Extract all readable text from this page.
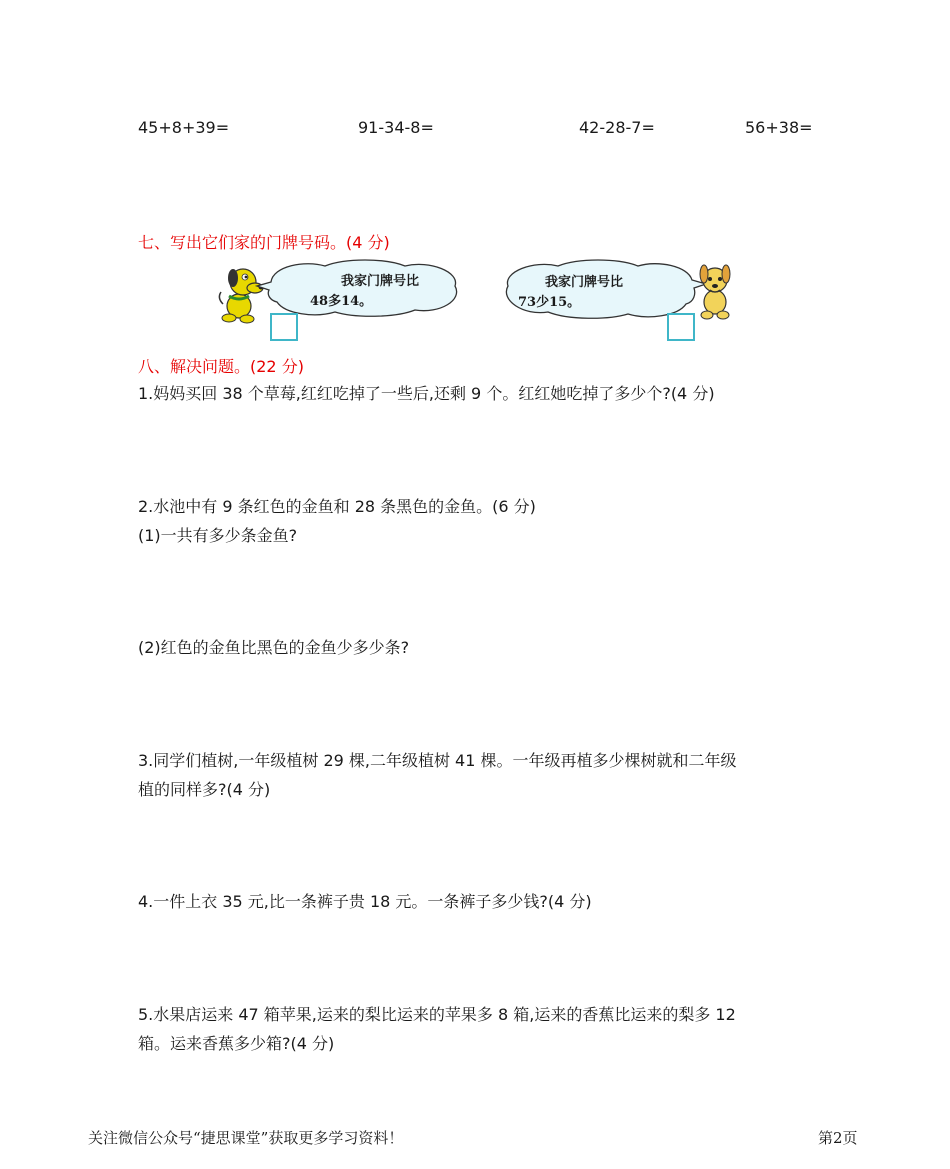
45+8+39=	91-34-8=	42-28-7=	56+38=
七、写出它们家的门牌号码。(4 分)
我家门牌号比
48多14。
我家门牌号比
73少15。
八、解决问题。(22 分)
1.妈妈买回 38 个草莓,红红吃掉了一些后,还剩 9 个。红红她吃掉了多少个?(4 分)
2.水池中有 9 条红色的金鱼和 28 条黑色的金鱼。(6 分)
(1)一共有多少条金鱼?
(2)红色的金鱼比黑色的金鱼少多少条?
3.同学们植树,一年级植树 29 棵,二年级植树 41 棵。一年级再植多少棵树就和二年级
植的同样多?(4 分)
4.一件上衣 35 元,比一条裤子贵 18 元。一条裤子多少钱?(4 分)
5.水果店运来 47 箱苹果,运来的梨比运来的苹果多 8 箱,运来的香蕉比运来的梨多 12
箱。运来香蕉多少箱?(4 分)
关注微信公众号“捷思课堂”获取更多学习资料！	第2页
